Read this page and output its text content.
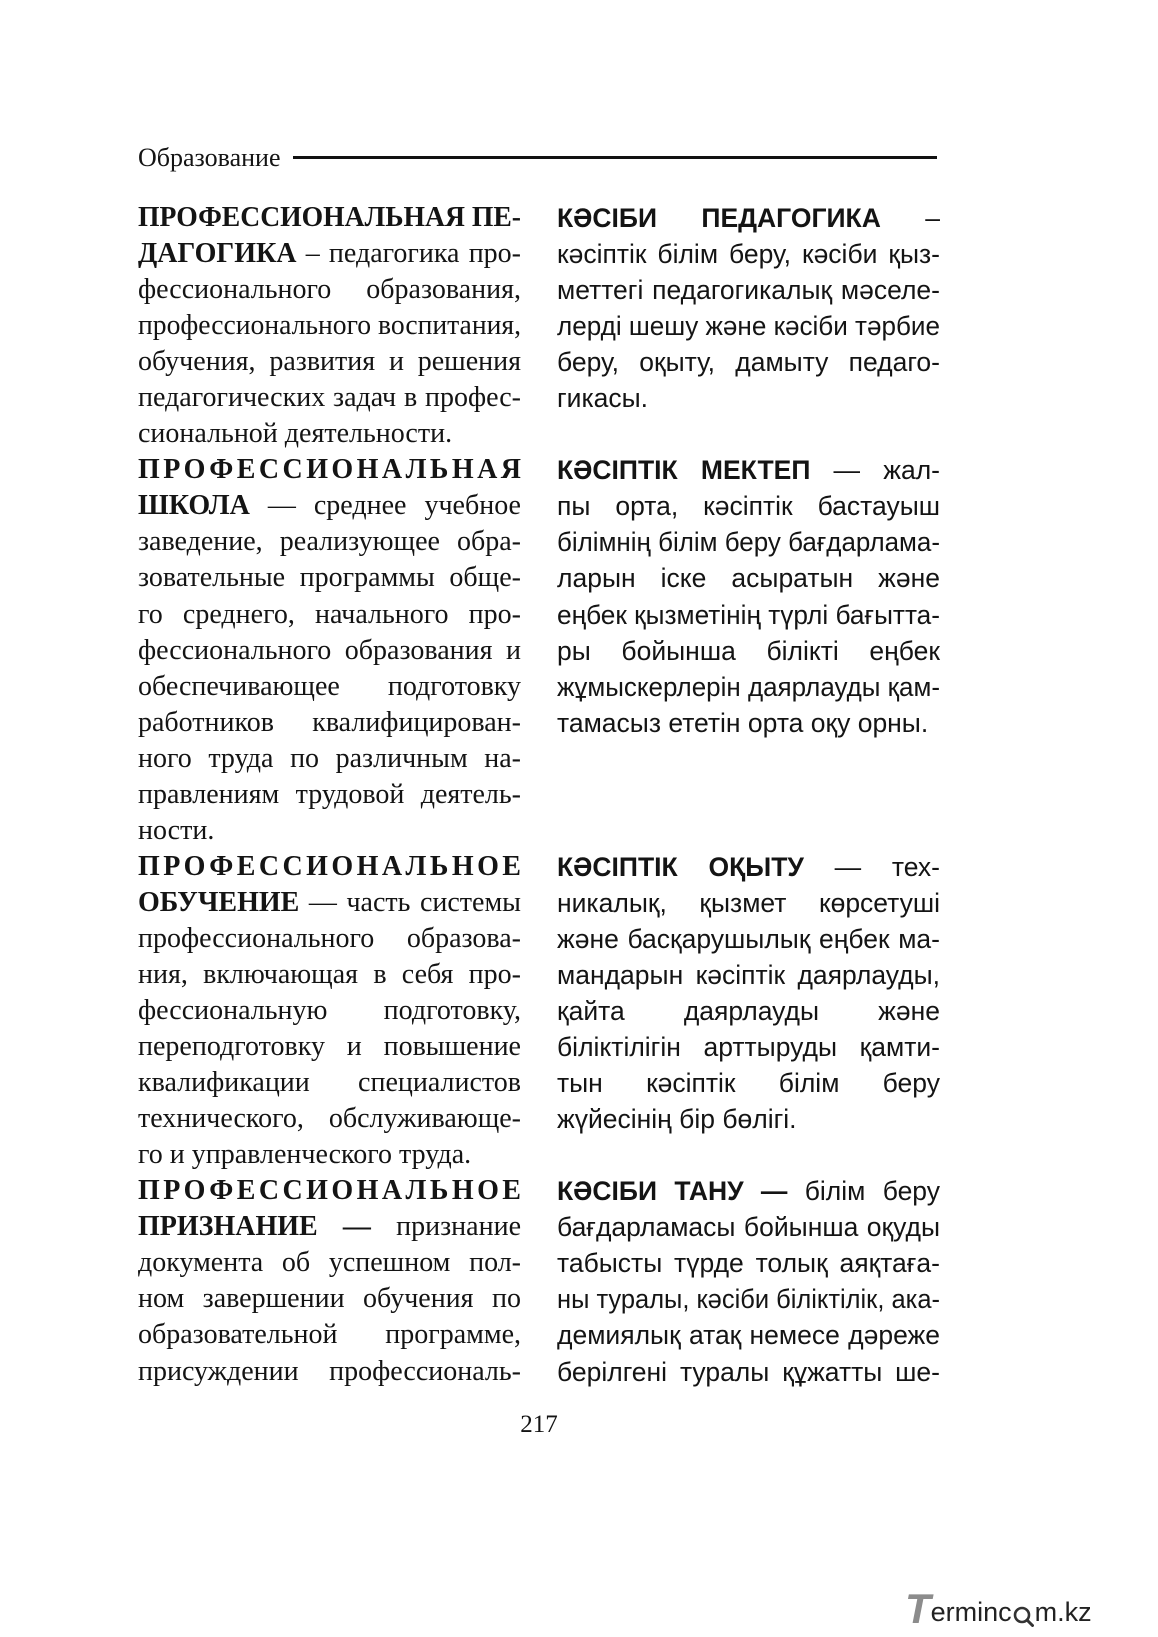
Образование
ПРОФЕССИОНАЛЬНАЯ ПЕ-
ДАГОГИКА – педагогика про-
фессионального образования,
профессионального воспитания,
обучения, развития и решения
педагогических задач в профес-
сиональной деятельности.
ПРОФЕССИОНАЛЬНАЯ
ШКОЛА — среднее учебное
заведение, реализующее обра-
зовательные программы обще-
го среднего, начального про-
фессионального образования и
обеспечивающее подготовку
работников квалифицирован-
ного труда по различным на-
правлениям трудовой деятель-
ности.
ПРОФЕССИОНАЛЬНОЕ
ОБУЧЕНИЕ — часть системы
профессионального образова-
ния, включающая в себя про-
фессиональную подготовку,
переподготовку и повышение
квалификации специалистов
технического, обслуживающе-
го и управленческого труда.
ПРОФЕССИОНАЛЬНОЕ
ПРИЗНАНИЕ — признание
документа об успешном пол-
ном завершении обучения по
образовательной программе,
присуждении профессиональ-
КӘСІБИ ПЕДАГОГИКА –
кәсіптік білім беру, кәсіби қыз-
меттегі педагогикалық мәселе-
лерді шешу және кәсіби тәрбие
беру, оқыту, дамыту педаго-
гикасы.
КӘСІПТІК МЕКТЕП — жал-
пы орта, кәсіптік бастауыш
білімнің білім беру бағдарлама-
ларын іске асыратын және
еңбек қызметінің түрлі бағытта-
ры бойынша білікті еңбек
жұмыскерлерін даярлауды қам-
тамасыз ететін орта оқу орны.
КӘСІПТІК ОҚЫТУ — тех-
никалық, қызмет көрсетуші
және басқарушылық еңбек ма-
мандарын кәсіптік даярлауды,
қайта даярлауды және
біліктілігін арттыруды қамти-
тын кәсіптік білім беру
жүйесінің бір бөлігі.
КӘСІБИ ТАНУ — білім беру
бағдарламасы бойынша оқуды
табысты түрде толық аяқтаға-
ны туралы, кәсіби біліктілік, ака-
демиялық атақ немесе дәреже
берілгені туралы құжатты ше-
217
T erminc m.kz
